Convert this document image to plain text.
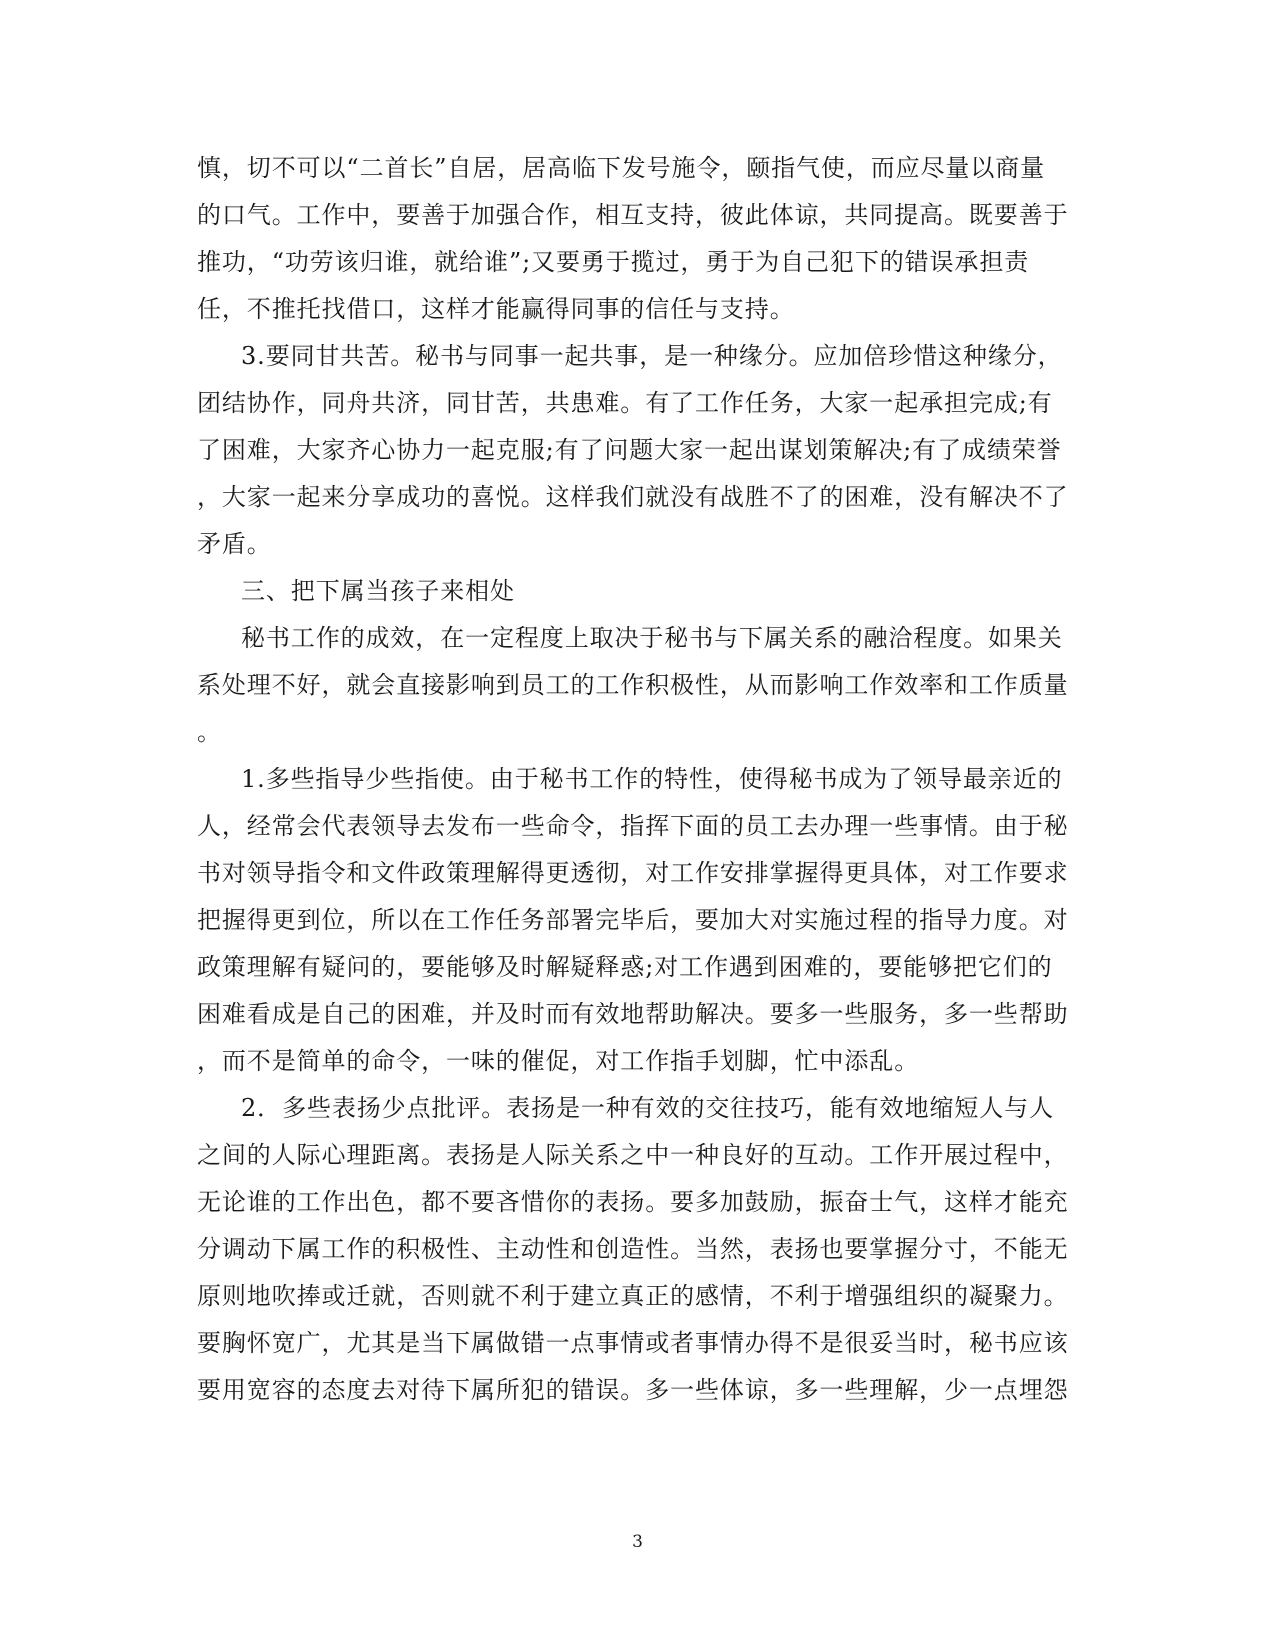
慎，切不可以“二首长”自居，居高临下发号施令，颐指气使，而应尽量以商量
的口气。工作中，要善于加强合作，相互支持，彼此体谅，共同提高。既要善于
推功，“功劳该归谁，就给谁”;又要勇于揽过，勇于为自己犯下的错误承担责
任，不推托找借口，这样才能赢得同事的信任与支持。
3.要同甘共苦。秘书与同事一起共事，是一种缘分。应加倍珍惜这种缘分，
团结协作，同舟共济，同甘苦，共患难。有了工作任务，大家一起承担完成;有
了困难，大家齐心协力一起克服;有了问题大家一起出谋划策解决;有了成绩荣誉
，大家一起来分享成功的喜悦。这样我们就没有战胜不了的困难，没有解决不了
矛盾。
三、把下属当孩子来相处
秘书工作的成效，在一定程度上取决于秘书与下属关系的融洽程度。如果关
系处理不好，就会直接影响到员工的工作积极性，从而影响工作效率和工作质量
。
1.多些指导少些指使。由于秘书工作的特性，使得秘书成为了领导最亲近的
人，经常会代表领导去发布一些命令，指挥下面的员工去办理一些事情。由于秘
书对领导指令和文件政策理解得更透彻，对工作安排掌握得更具体，对工作要求
把握得更到位，所以在工作任务部署完毕后，要加大对实施过程的指导力度。对
政策理解有疑问的，要能够及时解疑释惑;对工作遇到困难的，要能够把它们的
困难看成是自己的困难，并及时而有效地帮助解决。要多一些服务，多一些帮助
，而不是简单的命令，一味的催促，对工作指手划脚，忙中添乱。
2．多些表扬少点批评。表扬是一种有效的交往技巧，能有效地缩短人与人
之间的人际心理距离。表扬是人际关系之中一种良好的互动。工作开展过程中，
无论谁的工作出色，都不要吝惜你的表扬。要多加鼓励，振奋士气，这样才能充
分调动下属工作的积极性、主动性和创造性。当然，表扬也要掌握分寸，不能无
原则地吹捧或迁就，否则就不利于建立真正的感情，不利于增强组织的凝聚力。
要胸怀宽广，尤其是当下属做错一点事情或者事情办得不是很妥当时，秘书应该
要用宽容的态度去对待下属所犯的错误。多一些体谅，多一些理解，少一点埋怨
3
